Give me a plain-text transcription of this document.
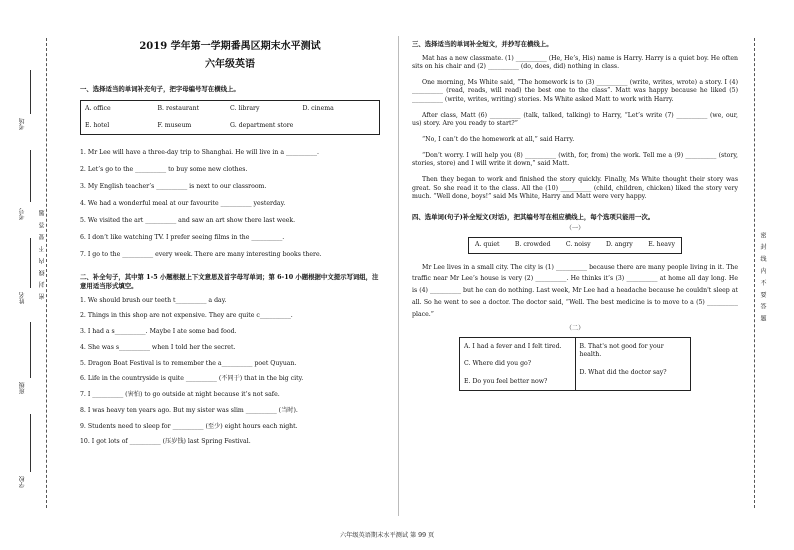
考场
考号
姓名
班级
学校
密 封 线 内 不 要 答 题	密 封 线 内 不 要 答 题
2019 学年第一学期番禺区期末水平测试
六年级英语
一、选择适当的单词补充句子，把字母编号写在横线上。
A. office	B. restaurant	C. library	D. cinema
E. hotel	F. museum	G. department store
1. Mr Lee will have a three-day trip to Shanghai. He will live in a __________.
2. Let’s go to the __________ to buy some new clothes.
3. My English teacher’s __________ is next to our classroom.
4. We had a wonderful meal at our favourite __________ yesterday.
5. We visited the art __________ and saw an art show there last week.
6. I don’t like watching TV. I prefer seeing films in the __________.
7. I go to the __________ every week. There are many interesting books there.
二、补全句子，其中第 1-5 小题根据上下文意思及首字母写单词；第 6-10 小题根据中文提示写词组，注意用适当形式填空。
1. We should brush our teeth t__________ a day.
2. Things in this shop are not expensive. They are quite c__________.
3. I had a s__________. Maybe I ate some bad food.
4. She was s__________ when I told her the secret.
5. Dragon Boat Festival is to remember the a__________ poet Quyuan.
6. Life in the countryside is quite __________ (不同于) that in the big city.
7. I __________ (害怕) to go outside at night because it’s not safe.
8. I was heavy ten years ago. But my sister was slim __________ (当时).
9. Students need to sleep for __________ (至少) eight hours each night.
10. I got lots of __________ (压岁钱) last Spring Festival.
三、选择适当的单词补全短文，并抄写在横线上。
Mat has a new classmate. (1) __________ (He, He’s, His) name is Harry. Harry is a quiet boy. He often sits on his chair and (2) __________ (do, does, did) nothing in class.
One morning, Ms White said, “The homework is to (3) __________ (write, writes, wrote) a story. I (4) __________ (read, reads, will read) the best one to the class”. Matt was happy because he liked (5) __________ (write, writes, writing) stories. Ms White asked Matt to work with Harry.
After class, Matt (6) __________ (talk, talked, talking) to Harry, “Let’s write (7) __________ (we, our, us) story. Are you ready to start?”
“No, I can’t do the homework at all,” said Harry.
“Don’t worry. I will help you (8) __________ (with, for, from) the work. Tell me a (9) __________ (story, stories, store) and I will write it down,” said Matt.
Then they began to work and finished the story quickly. Finally, Ms White thought their story was great. So she read it to the class. All the (10) __________ (child, children, chicken) liked the story very much. “Well done, boys!” said Ms White, Harry and Matt were very happy.
四、选单词(句子)补全短文(对话)，把其编号写在相应横线上，每个选项只能用一次。
（一）
A. quiet B. crowded C. noisy D. angry E. heavy
Mr Lee lives in a small city. The city is (1) __________ because there are many people living in it. The traffic near Mr Lee’s house is very (2) __________. He thinks it’s (3) __________ at home all day long. He is (4) __________ but he can do nothing. Last week, Mr Lee had a headache because he couldn't sleep at all. So he went to see a doctor. The doctor said, “Well. The best medicine is to move to a (5) __________ place.”
（二）
A. I had a fever and I felt tired.
C. Where did you go?
E. Do you feel better now?
B. That's not good for your health.
D. What did the doctor say?
六年级英语期末水平测试 第 99 页
